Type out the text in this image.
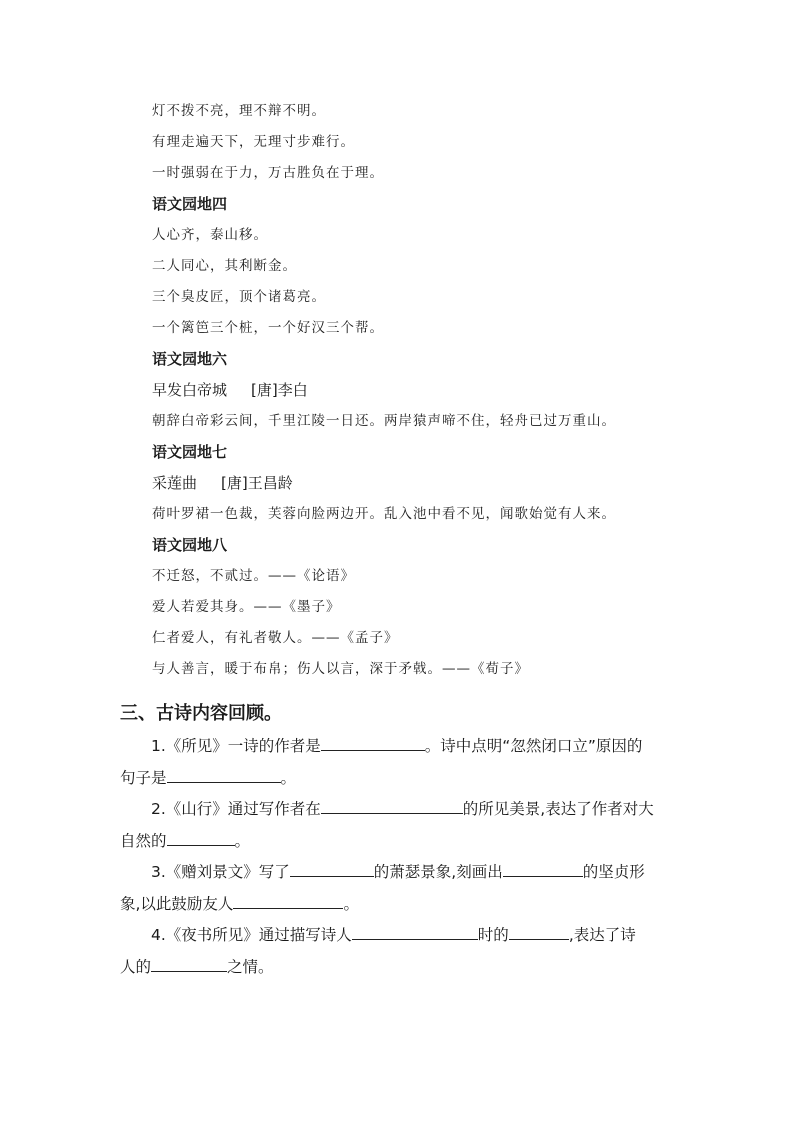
灯不拨不亮，理不辩不明。
有理走遍天下，无理寸步难行。
一时强弱在于力，万古胜负在于理。
语文园地四
人心齐，泰山移。
二人同心，其利断金。
三个臭皮匠，顶个诸葛亮。
一个篱笆三个桩，一个好汉三个帮。
语文园地六
早发白帝城 [唐]李白
朝辞白帝彩云间，千里江陵一日还。两岸猿声啼不住，轻舟已过万重山。
语文园地七
采莲曲 [唐]王昌龄
荷叶罗裙一色裁，芙蓉向脸两边开。乱入池中看不见，闻歌始觉有人来。
语文园地八
不迁怒，不贰过。——《论语》
爱人若爱其身。——《墨子》
仁者爱人，有礼者敬人。——《孟子》
与人善言，暖于布帛；伤人以言，深于矛戟。——《荀子》
三、古诗内容回顾。
1.《所见》一诗的作者是	。诗中点明“忽然闭口立”原因的
句子是	。
2.《山行》通过写作者在	的所见美景,表达了作者对大
自然的	。
3.《赠刘景文》写了	的萧瑟景象,刻画出	的坚贞形
象,以此鼓励友人	。
4.《夜书所见》通过描写诗人	时的	,表达了诗
人的	之情。
